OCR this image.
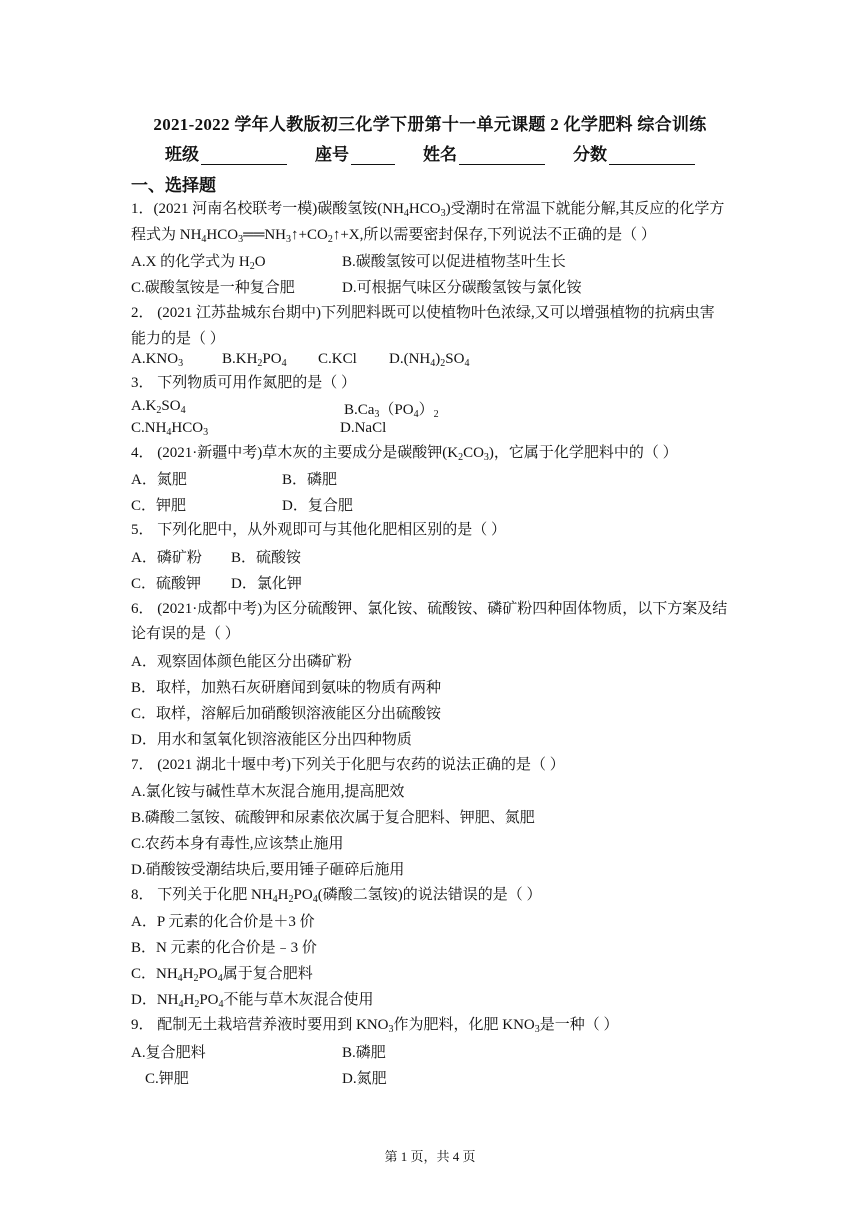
2021-2022 学年人教版初三化学下册第十一单元课题 2 化学肥料 综合训练
班级	座号	姓名	分数
一、选择题
1．(2021 河南名校联考一模)碳酸氢铵$(NH_4HCO_3)$受潮时在常温下就能分解,其反应的化学方
程式为 $NH_4HCO_3══NH_3↑+CO_2↑+X$,所以需要密封保存,下列说法不正确的是（ ）
A.X 的化学式为 $H_2O$	B.碳酸氢铵可以促进植物茎叶生长
C.碳酸氢铵是一种复合肥	D.可根据气味区分碳酸氢铵与氯化铵
2． (2021 江苏盐城东台期中)下列肥料既可以使植物叶色浓绿,又可以增强植物的抗病虫害
能力的是（ ）
$A.KNO_3$	$B.KH_2PO_4$ C.KCl $D.(NH_4)_2SO_4$
3． 下列物质可用作氮肥的是（ ）
$A.K_2SO_4$	$B.Ca_3(PO_4)_2$
$C.NH_4HCO_3$	D.NaCl
4． (2021·新疆中考)草木灰的主要成分是碳酸钾$(K_2CO_3)$，它属于化学肥料中的（ ）
A．氮肥	B．磷肥
C．钾肥	D．复合肥
5． 下列化肥中，从外观即可与其他化肥相区别的是（ ）
A．磷矿粉 B．硫酸铵
C．硫酸钾 D．氯化钾
6． (2021·成都中考)为区分硫酸钾、氯化铵、硫酸铵、磷矿粉四种固体物质，以下方案及结
论有误的是（ ）
A．观察固体颜色能区分出磷矿粉
B．取样，加熟石灰研磨闻到氨味的物质有两种
C．取样，溶解后加硝酸钡溶液能区分出硫酸铵
D．用水和氢氧化钡溶液能区分出四种物质
7． (2021 湖北十堰中考)下列关于化肥与农药的说法正确的是（ ）
A.氯化铵与碱性草木灰混合施用,提高肥效
B.磷酸二氢铵、硫酸钾和尿素依次属于复合肥料、钾肥、氮肥
C.农药本身有毒性,应该禁止施用
D.硝酸铵受潮结块后,要用锤子砸碎后施用
8． 下列关于化肥 $NH_4H_2PO_4$(磷酸二氢铵)的说法错误的是（ ）
A．P 元素的化合价是＋3 价
B．N 元素的化合价是﹣3 价
C．$NH_4H_2PO_4$属于复合肥料
D．$NH_4H_2PO_4$不能与草木灰混合使用
9． 配制无土栽培营养液时要用到 $KNO_3$作为肥料，化肥 $KNO_3$是一种（ ）
A.复合肥料	B.磷肥
C.钾肥	D.氮肥
第 1 页，共 4 页
